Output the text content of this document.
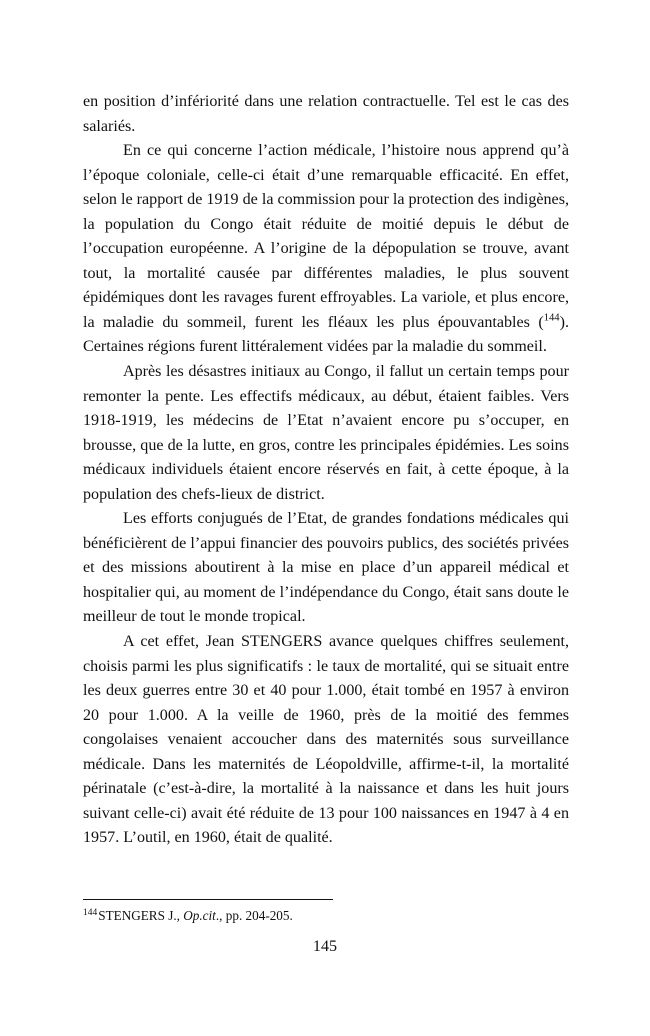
en position d’infériorité dans une relation contractuelle. Tel est le cas des salariés.

En ce qui concerne l’action médicale, l’histoire nous apprend qu’à l’époque coloniale, celle-ci était d’une remarquable efficacité. En effet, selon le rapport de 1919 de la commission pour la protection des indigènes, la population du Congo était réduite de moitié depuis le début de l’occupation européenne. A l’origine de la dépopulation se trouve, avant tout, la mortalité causée par différentes maladies, le plus souvent épidémiques dont les ravages furent effroyables. La variole, et plus encore, la maladie du sommeil, furent les fléaux les plus épouvantables ($^{144}$). Certaines régions furent littéralement vidées par la maladie du sommeil.

Après les désastres initiaux au Congo, il fallut un certain temps pour remonter la pente. Les effectifs médicaux, au début, étaient faibles. Vers 1918-1919, les médecins de l’Etat n’avaient encore pu s’occuper, en brousse, que de la lutte, en gros, contre les principales épidémies. Les soins médicaux individuels étaient encore réservés en fait, à cette époque, à la population des chefs-lieux de district.

Les efforts conjugués de l’Etat, de grandes fondations médicales qui bénéficièrent de l’appui financier des pouvoirs publics, des sociétés privées et des missions aboutirent à la mise en place d’un appareil médical et hospitalier qui, au moment de l’indépendance du Congo, était sans doute le meilleur de tout le monde tropical.

A cet effet, Jean STENGERS avance quelques chiffres seulement, choisis parmi les plus significatifs : le taux de mortalité, qui se situait entre les deux guerres entre 30 et 40 pour 1.000, était tombé en 1957 à environ 20 pour 1.000. A la veille de 1960, près de la moitié des femmes congolaises venaient accoucher dans des maternités sous surveillance médicale. Dans les maternités de Léopoldville, affirme-t-il, la mortalité périnatale (c’est-à-dire, la mortalité à la naissance et dans les huit jours suivant celle-ci) avait été réduite de 13 pour 100 naissances en 1947 à 4 en 1957. L’outil, en 1960, était de qualité.

$^{144}$STENGERS J., Op.cit., pp. 204-205.

145
